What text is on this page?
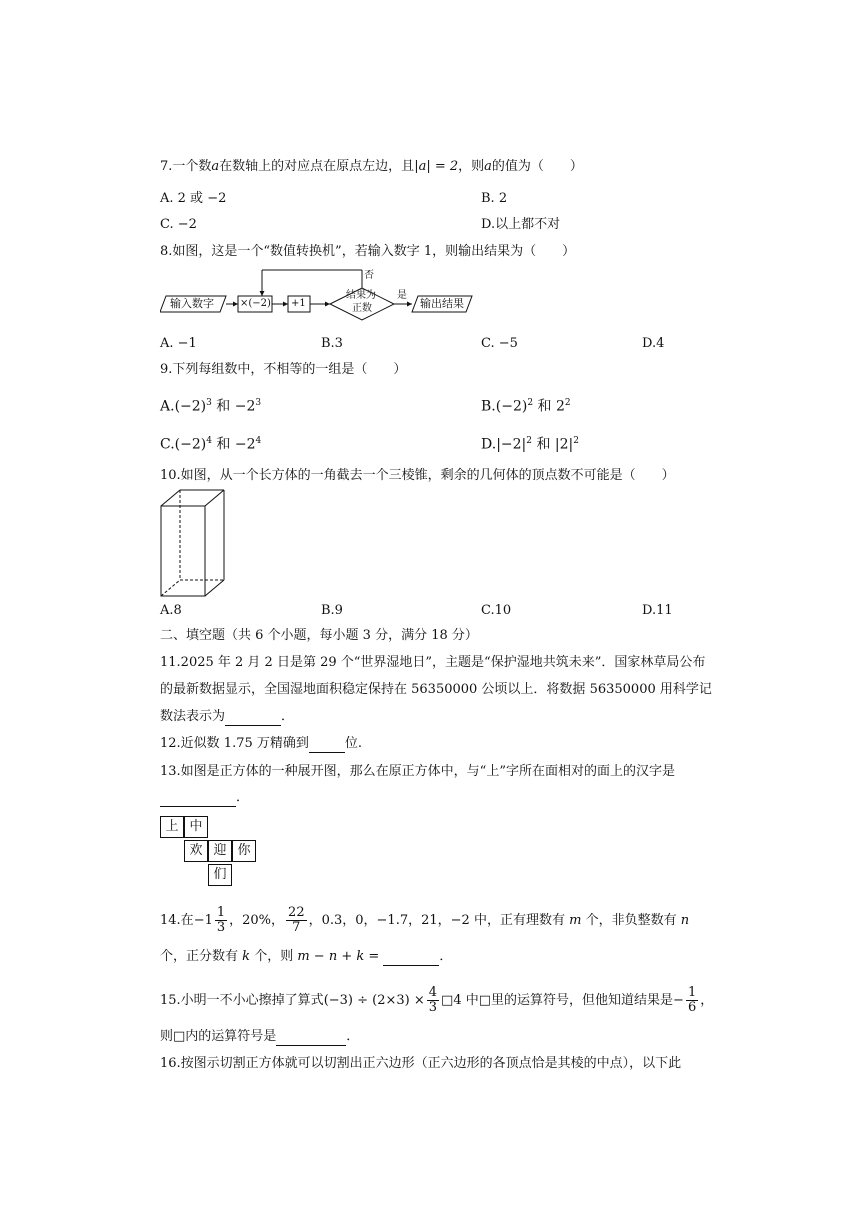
7.一个数a在数轴上的对应点在原点左边，且|a| = 2，则a的值为（　　）
A. 2 或 −2	B. 2
C. −2	D.以上都不对
8.如图，这是一个“数值转换机”，若输入数字 1，则输出结果为（　　）
输入数字	×(−2) +1
结果为
正数
否
是
输出结果
A. −1	B.3	C. −5	D.4
9.下列每组数中，不相等的一组是（　　）
$A.(-2)^3$ 和 $-2^3$	$B.(-2)^2$ 和 $2^2$
$C.(-2)^4$ 和 $-2^4$	$D.|-2|^2$ 和 $|2|^2$
10.如图，从一个长方体的一角截去一个三棱锥，剩余的几何体的顶点数不可能是（　　）
A.8	B.9	C.10	D.11
二、填空题（共 6 个小题，每小题 3 分，满分 18 分）
11.2025 年 2 月 2 日是第 29 个“世界湿地日”，主题是“保护湿地共筑未来”．国家林草局公布
的最新数据显示，全国湿地面积稳定保持在 56350000 公顷以上．将数据 56350000 用科学记
数法表示为	．
12.近似数 1.75 万精确到	位.
13.如图是正方体的一种展开图，那么在原正方体中，与“上”字所在面相对的面上的汉字是
．
上 中
欢 迎 你
们
14.在$-1 \frac{1}{3}$ ，20%， $\frac{22}{7}$ ，0.3，0，−1.7，21，−2 中，正有理数有 m 个，非负整数有 n
个，正分数有 k 个，则 m − n + k =	．
15.小明一不小心擦掉了算式$(-3) \div (2\times 3) \times \frac{4}{3}$ □4 中□里的运算符号，但他知道结果是− $\frac{1}{6}$ ，
则□内的运算符号是	．
16.按图示切割正方体就可以切割出正六边形（正六边形的各顶点恰是其棱的中点），以下此
